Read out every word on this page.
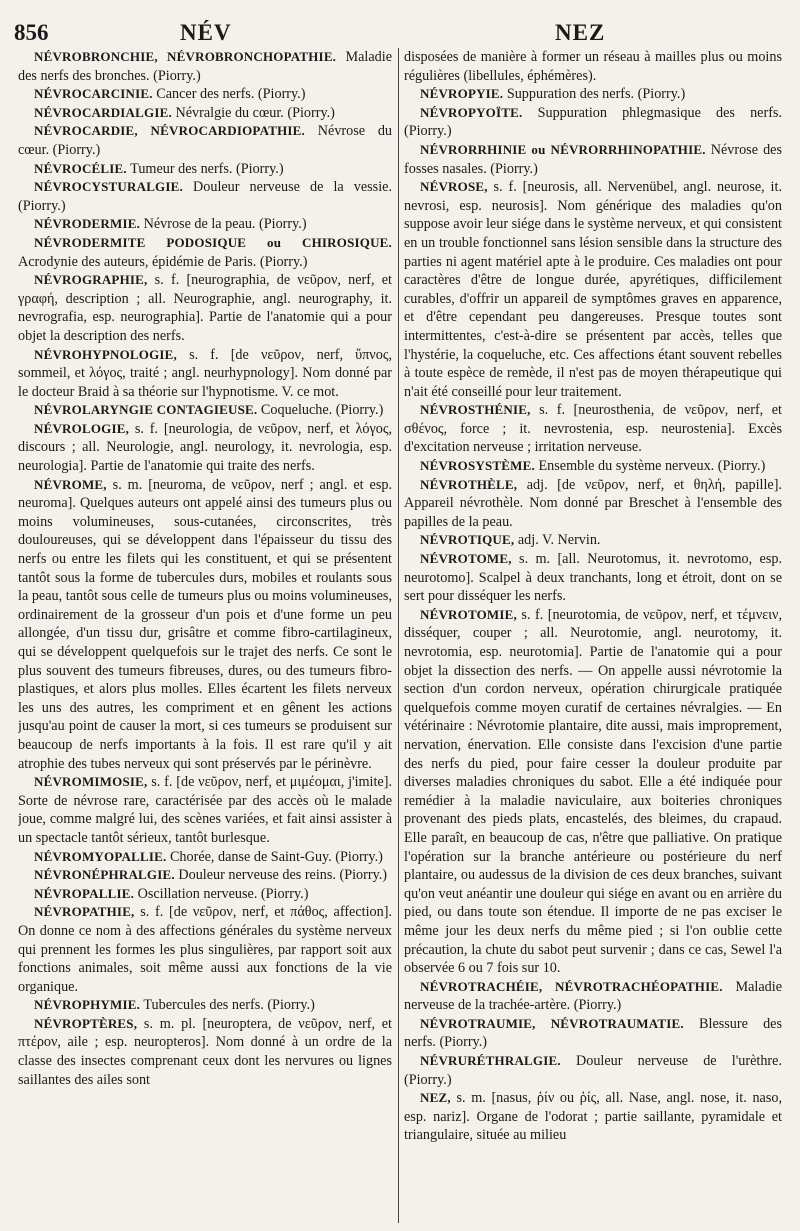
856	NÉV	NEZ

NÉVROBRONCHIE, NÉVROBRONCHOPATHIE. Maladie des nerfs des bronches. (Piorry.)

NÉVROCARCINIE. Cancer des nerfs. (Piorry.)

NÉVROCARDIALGIE. Névralgie du cœur. (Piorry.)

NÉVROCARDIE, NÉVROCARDIOPATHIE. Névrose du cœur. (Piorry.)

NÉVROCÉLIE. Tumeur des nerfs. (Piorry.)

NÉVROCYSTURALGIE. Douleur nerveuse de la vessie. (Piorry.)

NÉVRODERMIE. Névrose de la peau. (Piorry.)

NÉVRODERMITE PODOSIQUE ou CHIROSIQUE. Acrodynie des auteurs, épidémie de Paris. (Piorry.)

NÉVROGRAPHIE, s. f. [neurographia, de νεῦρον, nerf, et γραφή, description ; all. Neurographie, angl. neurography, it. nevrografia, esp. neurographia]. Partie de l'anatomie qui a pour objet la description des nerfs.

NÉVROHYPNOLOGIE, s. f. [de νεῦρον, nerf, ὕπνος, sommeil, et λόγος, traité ; angl. neurhypnology]. Nom donné par le docteur Braid à sa théorie sur l'hypnotisme. V. ce mot.

NÉVROLARYNGIE CONTAGIEUSE. Coqueluche. (Piorry.)

NÉVROLOGIE, s. f. [neurologia, de νεῦρον, nerf, et λόγος, discours ; all. Neurologie, angl. neurology, it. nevrologia, esp. neurologia]. Partie de l'anatomie qui traite des nerfs.

NÉVROME, s. m. [neuroma, de νεῦρον, nerf ; angl. et esp. neuroma]. Quelques auteurs ont appelé ainsi des tumeurs plus ou moins volumineuses, sous-cutanées, circonscrites, très douloureuses, qui se développent dans l'épaisseur du tissu des nerfs ou entre les filets qui les constituent, et qui se présentent tantôt sous la forme de tubercules durs, mobiles et roulants sous la peau, tantôt sous celle de tumeurs plus ou moins volumineuses, ordinairement de la grosseur d'un pois et d'une forme un peu allongée, d'un tissu dur, grisâtre et comme fibro-cartilagineux, qui se développent quelquefois sur le trajet des nerfs. Ce sont le plus souvent des tumeurs fibreuses, dures, ou des tumeurs fibro-plastiques, et alors plus molles. Elles écartent les filets nerveux les uns des autres, les compriment et en gênent les actions jusqu'au point de causer la mort, si ces tumeurs se produisent sur beaucoup de nerfs importants à la fois. Il est rare qu'il y ait atrophie des tubes nerveux qui sont préservés par le périnèvre.

NÉVROMIMOSIE, s. f. [de νεῦρον, nerf, et μιμέομαι, j'imite]. Sorte de névrose rare, caractérisée par des accès où le malade joue, comme malgré lui, des scènes variées, et fait ainsi assister à un spectacle tantôt sérieux, tantôt burlesque.

NÉVROMYOPALLIE. Chorée, danse de Saint-Guy. (Piorry.)

NÉVRONÉPHRALGIE. Douleur nerveuse des reins. (Piorry.)

NÉVROPALLIE. Oscillation nerveuse. (Piorry.)

NÉVROPATHIE, s. f. [de νεῦρον, nerf, et πάθος, affection]. On donne ce nom à des affections générales du système nerveux qui prennent les formes les plus singulières, par rapport soit aux fonctions animales, soit même aussi aux fonctions de la vie organique.

NÉVROPHYMIE. Tubercules des nerfs. (Piorry.)

NÉVROPTÈRES, s. m. pl. [neuroptera, de νεῦρον, nerf, et πτέρον, aile ; esp. neuropteros]. Nom donné à un ordre de la classe des insectes comprenant ceux dont les nervures ou lignes saillantes des ailes sont

disposées de manière à former un réseau à mailles plus ou moins régulières (libellules, éphémères).

NÉVROPYIE. Suppuration des nerfs. (Piorry.)

NÉVROPYOÏTE. Suppuration phlegmasique des nerfs. (Piorry.)

NÉVRORRHINIE ou NÉVRORRHINOPATHIE. Névrose des fosses nasales. (Piorry.)

NÉVROSE, s. f. [neurosis, all. Nervenübel, angl. neurose, it. nevrosi, esp. neurosis]. Nom générique des maladies qu'on suppose avoir leur siége dans le système nerveux, et qui consistent en un trouble fonctionnel sans lésion sensible dans la structure des parties ni agent matériel apte à le produire. Ces maladies ont pour caractères d'être de longue durée, apyrétiques, difficilement curables, d'offrir un appareil de symptômes graves en apparence, et d'être cependant peu dangereuses. Presque toutes sont intermittentes, c'est-à-dire se présentent par accès, telles que l'hystérie, la coqueluche, etc. Ces affections étant souvent rebelles à toute espèce de remède, il n'est pas de moyen thérapeutique qui n'ait été conseillé pour leur traitement.

NÉVROSTHÉNIE, s. f. [neurosthenia, de νεῦρον, nerf, et σθένος, force ; it. nevrostenia, esp. neurostenia]. Excès d'excitation nerveuse ; irritation nerveuse.

NÉVROSYSTÈME. Ensemble du système nerveux. (Piorry.)

NÉVROTHÈLE, adj. [de νεῦρον, nerf, et θηλή, papille]. Appareil névrothèle. Nom donné par Breschet à l'ensemble des papilles de la peau.

NÉVROTIQUE, adj. V. Nervin.

NÉVROTOME, s. m. [all. Neurotomus, it. nevrotomo, esp. neurotomo]. Scalpel à deux tranchants, long et étroit, dont on se sert pour disséquer les nerfs.

NÉVROTOMIE, s. f. [neurotomia, de νεῦρον, nerf, et τέμνειν, disséquer, couper ; all. Neurotomie, angl. neurotomy, it. nevrotomia, esp. neurotomia]. Partie de l'anatomie qui a pour objet la dissection des nerfs. — On appelle aussi névrotomie la section d'un cordon nerveux, opération chirurgicale pratiquée quelquefois comme moyen curatif de certaines névralgies. — En vétérinaire : Névrotomie plantaire, dite aussi, mais improprement, nervation, énervation. Elle consiste dans l'excision d'une partie des nerfs du pied, pour faire cesser la douleur produite par diverses maladies chroniques du sabot. Elle a été indiquée pour remédier à la maladie naviculaire, aux boiteries chroniques provenant des pieds plats, encastelés, des bleimes, du crapaud. Elle paraît, en beaucoup de cas, n'être que palliative. On pratique l'opération sur la branche antérieure ou postérieure du nerf plantaire, ou audessus de la division de ces deux branches, suivant qu'on veut anéantir une douleur qui siége en avant ou en arrière du pied, ou dans toute son étendue. Il importe de ne pas exciser le même jour les deux nerfs du même pied ; si l'on oublie cette précaution, la chute du sabot peut survenir ; dans ce cas, Sewel l'a observée 6 ou 7 fois sur 10.

NÉVROTRACHÉIE, NÉVROTRACHÉOPATHIE. Maladie nerveuse de la trachée-artère. (Piorry.)

NÉVROTRAUMIE, NÉVROTRAUMATIE. Blessure des nerfs. (Piorry.)

NÉVRURÉTHRALGIE. Douleur nerveuse de l'urèthre. (Piorry.)

NEZ, s. m. [nasus, ῥίν ou ῥίς, all. Nase, angl. nose, it. naso, esp. nariz]. Organe de l'odorat ; partie saillante, pyramidale et triangulaire, située au milieu
